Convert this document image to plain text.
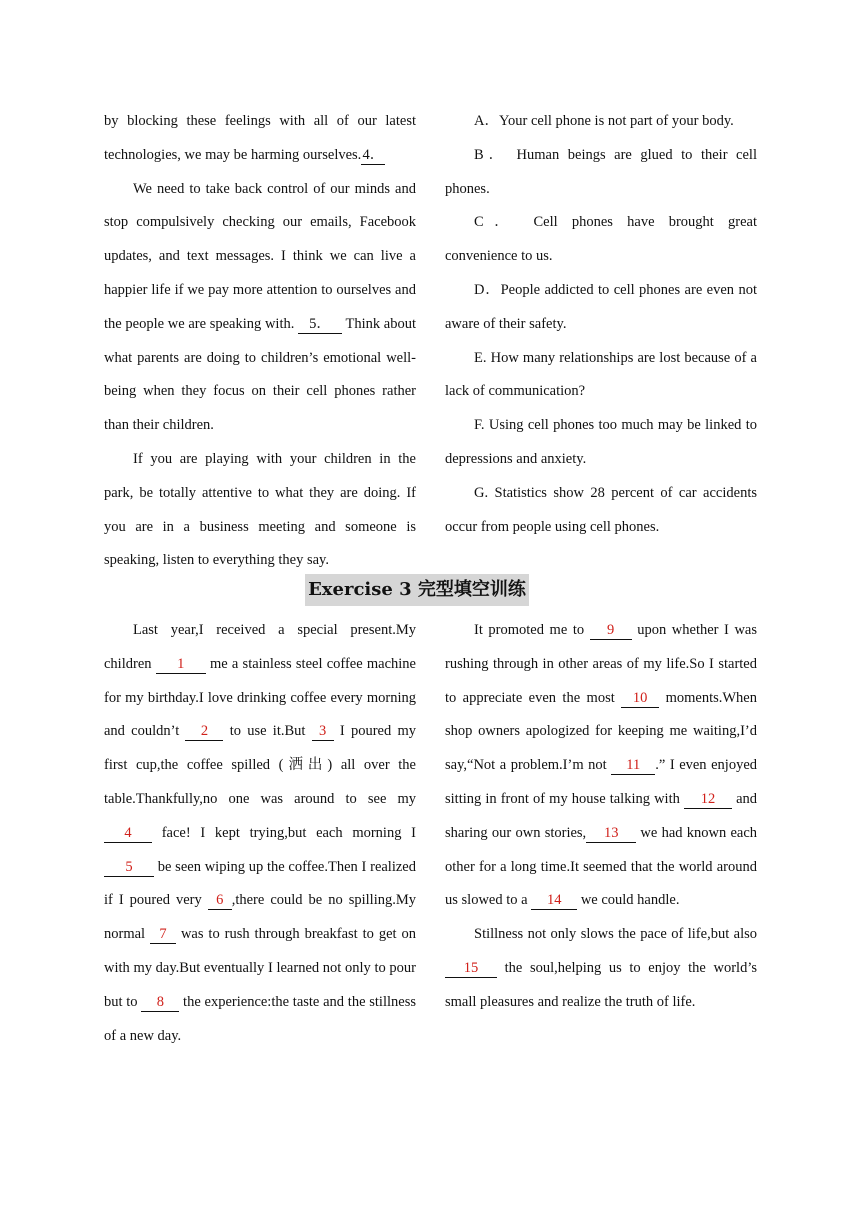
by blocking these feelings with all of our latest technologies, we may be harming ourselves.4．

We need to take back control of our minds and stop compulsively checking our emails, Facebook updates, and text messages. I think we can live a happier life if we pay more attention to ourselves and the people we are speaking with. 5． Think about what parents are doing to children’s emotional well-being when they focus on their cell phones rather than their children.

If you are playing with your children in the park, be totally attentive to what they are doing. If you are in a business meeting and someone is speaking, listen to everything they say.

A．Your cell phone is not part of your body.

B． Human beings are glued to their cell phones.

C． Cell phones have brought great convenience to us.

D．People addicted to cell phones are even not aware of their safety.

E. How many relationships are lost because of a lack of communication?

F. Using cell phones too much may be linked to depressions and anxiety.

G. Statistics show 28 percent of car accidents occur from people using cell phones.

Exercise 3 完型填空训练

Last year,I received a special present.My children 1 me a stainless steel coffee machine for my birthday.I love drinking coffee every morning and couldn’t 2 to use it.But 3 I poured my first cup,the coffee spilled (洒出) all over the table.Thankfully,no one was around to see my 4 face! I kept trying,but each morning I 5 be seen wiping up the coffee.Then I realized if I poured very 6 ,there could be no spilling.My normal 7 was to rush through breakfast to get on with my day.But eventually I learned not only to pour but to 8 the experience:the taste and the stillness of a new day.

It promoted me to 9 upon whether I was rushing through in other areas of my life.So I started to appreciate even the most 10 moments.When shop owners apologized for keeping me waiting,I’d say,“Not a problem.I’m not 11 .” I even enjoyed sitting in front of my house talking with 12 and sharing our own stories, 13 we had known each other for a long time.It seemed that the world around us slowed to a 14 we could handle.

Stillness not only slows the pace of life,but also 15 the soul,helping us to enjoy the world’s small pleasures and realize the truth of life.
